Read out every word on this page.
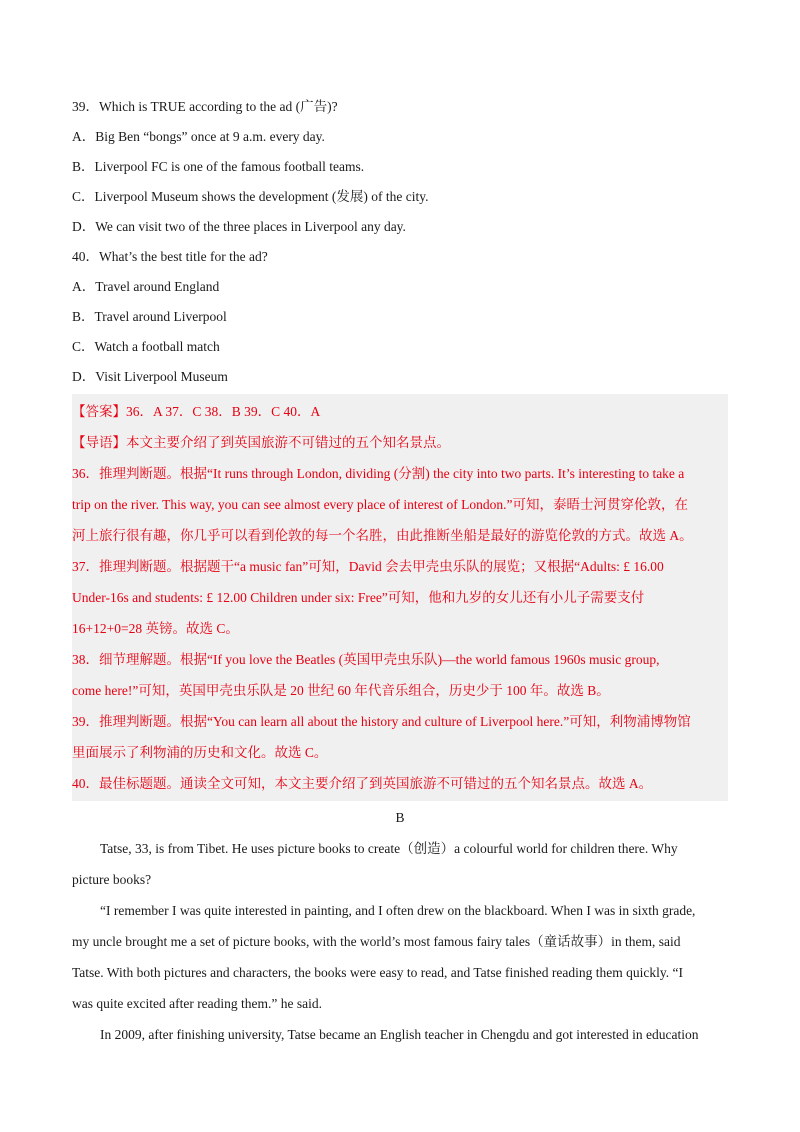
39．Which is TRUE according to the ad (广告)?
A．Big Ben “bongs” once at 9 a.m. every day.
B．Liverpool FC is one of the famous football teams.
C．Liverpool Museum shows the development (发展) of the city.
D．We can visit two of the three places in Liverpool any day.
40．What’s the best title for the ad?
A．Travel around England
B．Travel around Liverpool
C．Watch a football match
D．Visit Liverpool Museum
【答案】36．A 37．C 38．B 39．C 40．A
【导语】本文主要介绍了到英国旅游不可错过的五个知名景点。
36．推理判断题。根据“It runs through London, dividing (分割) the city into two parts. It’s interesting to take a
trip on the river. This way, you can see almost every place of interest of London.”可知，泰晤士河贯穿伦敦，在
河上旅行很有趣，你几乎可以看到伦敦的每一个名胜，由此推断坐船是最好的游览伦敦的方式。故选 A。
37．推理判断题。根据题干“a music fan”可知，David 会去甲壳虫乐队的展览；又根据“Adults: £ 16.00
Under-16s and students: £ 12.00 Children under six: Free”可知，他和九岁的女儿还有小儿子需要支付
16+12+0=28 英镑。故选 C。
38．细节理解题。根据“If you love the Beatles (英国甲壳虫乐队)—the world famous 1960s music group,
come here!”可知，英国甲壳虫乐队是 20 世纪 60 年代音乐组合，历史少于 100 年。故选 B。
39．推理判断题。根据“You can learn all about the history and culture of Liverpool here.”可知，利物浦博物馆
里面展示了利物浦的历史和文化。故选 C。
40．最佳标题题。通读全文可知，本文主要介绍了到英国旅游不可错过的五个知名景点。故选 A。
B
Tatse, 33, is from Tibet. He uses picture books to create（创造）a colourful world for children there. Why
picture books?
“I remember I was quite interested in painting, and I often drew on the blackboard. When I was in sixth grade,
my uncle brought me a set of picture books, with the world’s most famous fairy tales（童话故事）in them, said
Tatse. With both pictures and characters, the books were easy to read, and Tatse finished reading them quickly. “I
was quite excited after reading them.” he said.
In 2009, after finishing university, Tatse became an English teacher in Chengdu and got interested in education
